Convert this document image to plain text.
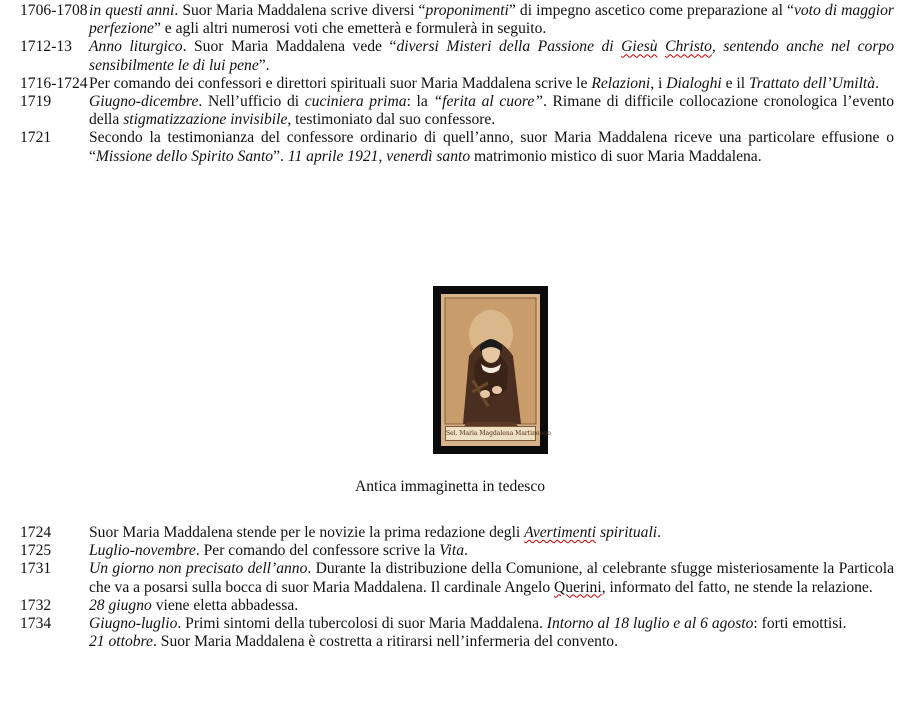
1706-1708 in questi anni. Suor Maria Maddalena scrive diversi “proponimenti” di impegno ascetico come preparazione al “voto di maggior perfezione” e agli altri numerosi voti che emetterà e formulerà in seguito.
1712-13 Anno liturgico. Suor Maria Maddalena vede “diversi Misteri della Passione di Giesù Christo, sentendo anche nel corpo sensibilmente le di lui pene”.
1716-1724 Per comando dei confessori e direttori spirituali suor Maria Maddalena scrive le Relazioni, i Dialoghi e il Trattato dell’Umiltà.
1719 Giugno-dicembre. Nell’ufficio di cuciniera prima: la “ferita al cuore”. Rimane di difficile collocazione cronologica l’evento della stigmatizzazione invisibile, testimoniato dal suo confessore.
1721 Secondo la testimonianza del confessore ordinario di quell’anno, suor Maria Maddalena riceve una particolare effusione o “Missione dello Spirito Santo”. 11 aprile 1921, venerdì santo matrimonio mistico di suor Maria Maddalena.
Sel. Maria Magdalena Martinengo
Antica immaginetta in tedesco
1724 Suor Maria Maddalena stende per le novizie la prima redazione degli Avertimenti spirituali.
1725 Luglio-novembre. Per comando del confessore scrive la Vita.
1731 Un giorno non precisato dell’anno. Durante la distribuzione della Comunione, al celebrante sfugge misteriosamente la Particola che va a posarsi sulla bocca di suor Maria Maddalena. Il cardinale Angelo Querini, informato del fatto, ne stende la relazione.
1732 28 giugno viene eletta abbadessa.
1734 Giugno-luglio. Primi sintomi della tubercolosi di suor Maria Maddalena. Intorno al 18 luglio e al 6 agosto: forti emottisi.
21 ottobre. Suor Maria Maddalena è costretta a ritirarsi nell’infermeria del convento.
